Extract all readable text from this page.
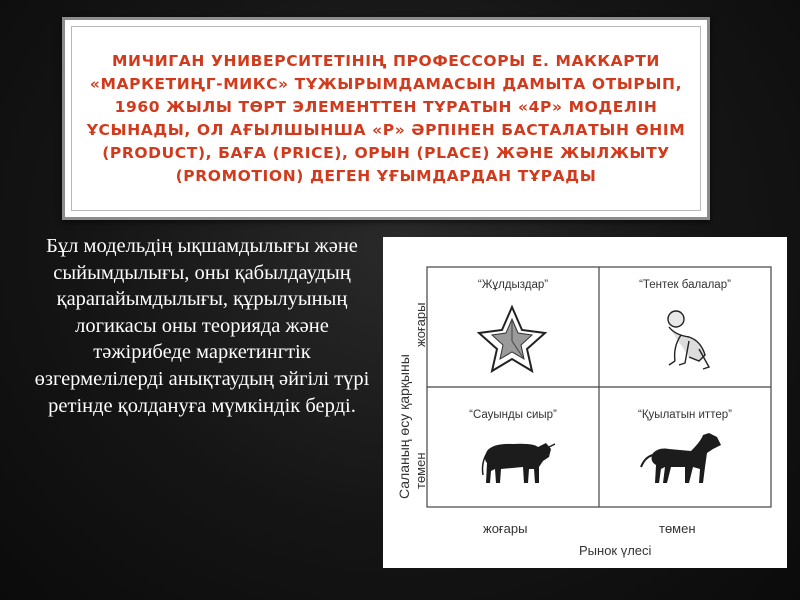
МИЧИГАН УНИВЕРСИТЕТІНІҢ ПРОФЕССОРЫ Е. МАККАРТИ «МАРКЕТИҢГ-МИКС» ТҰЖЫРЫМДАМАСЫН ДАМЫТА ОТЫРЫП, 1960 ЖЫЛЫ ТӨРТ ЭЛЕМЕНТТЕН ТҰРАТЫН «4Р» МОДЕЛІН ҰСЫНАДЫ, ОЛ АҒЫЛШЫНША «Р» ӘРПІНЕН БАСТАЛАТЫН ӨНІМ (РRODUCT), БАҒА (РRICE), ОРЫН (РLACE) ЖӘНЕ ЖЫЛЖЫТУ (РROMOTION) ДЕГЕН ҰҒЫМДАРДАН ТҰРАДЫ
Бұл модельдің ықшамдылығы және сыйымдылығы, оны қабылдаудың қарапайымдылығы, құрылуының логикасы оны теорияда және тәжірибеде маркетингтік өзгермелілерді анықтаудың әйгілі түрі ретінде қолдануға мүмкіндік берді.	Саланың өсу қарқыны
жоғары
төмен
жоғары	төмен
Рынок үлесі
“Жұлдыздар”	“Тентек балалар”
“Сауынды сиыр”	“Қуылатын иттер”
